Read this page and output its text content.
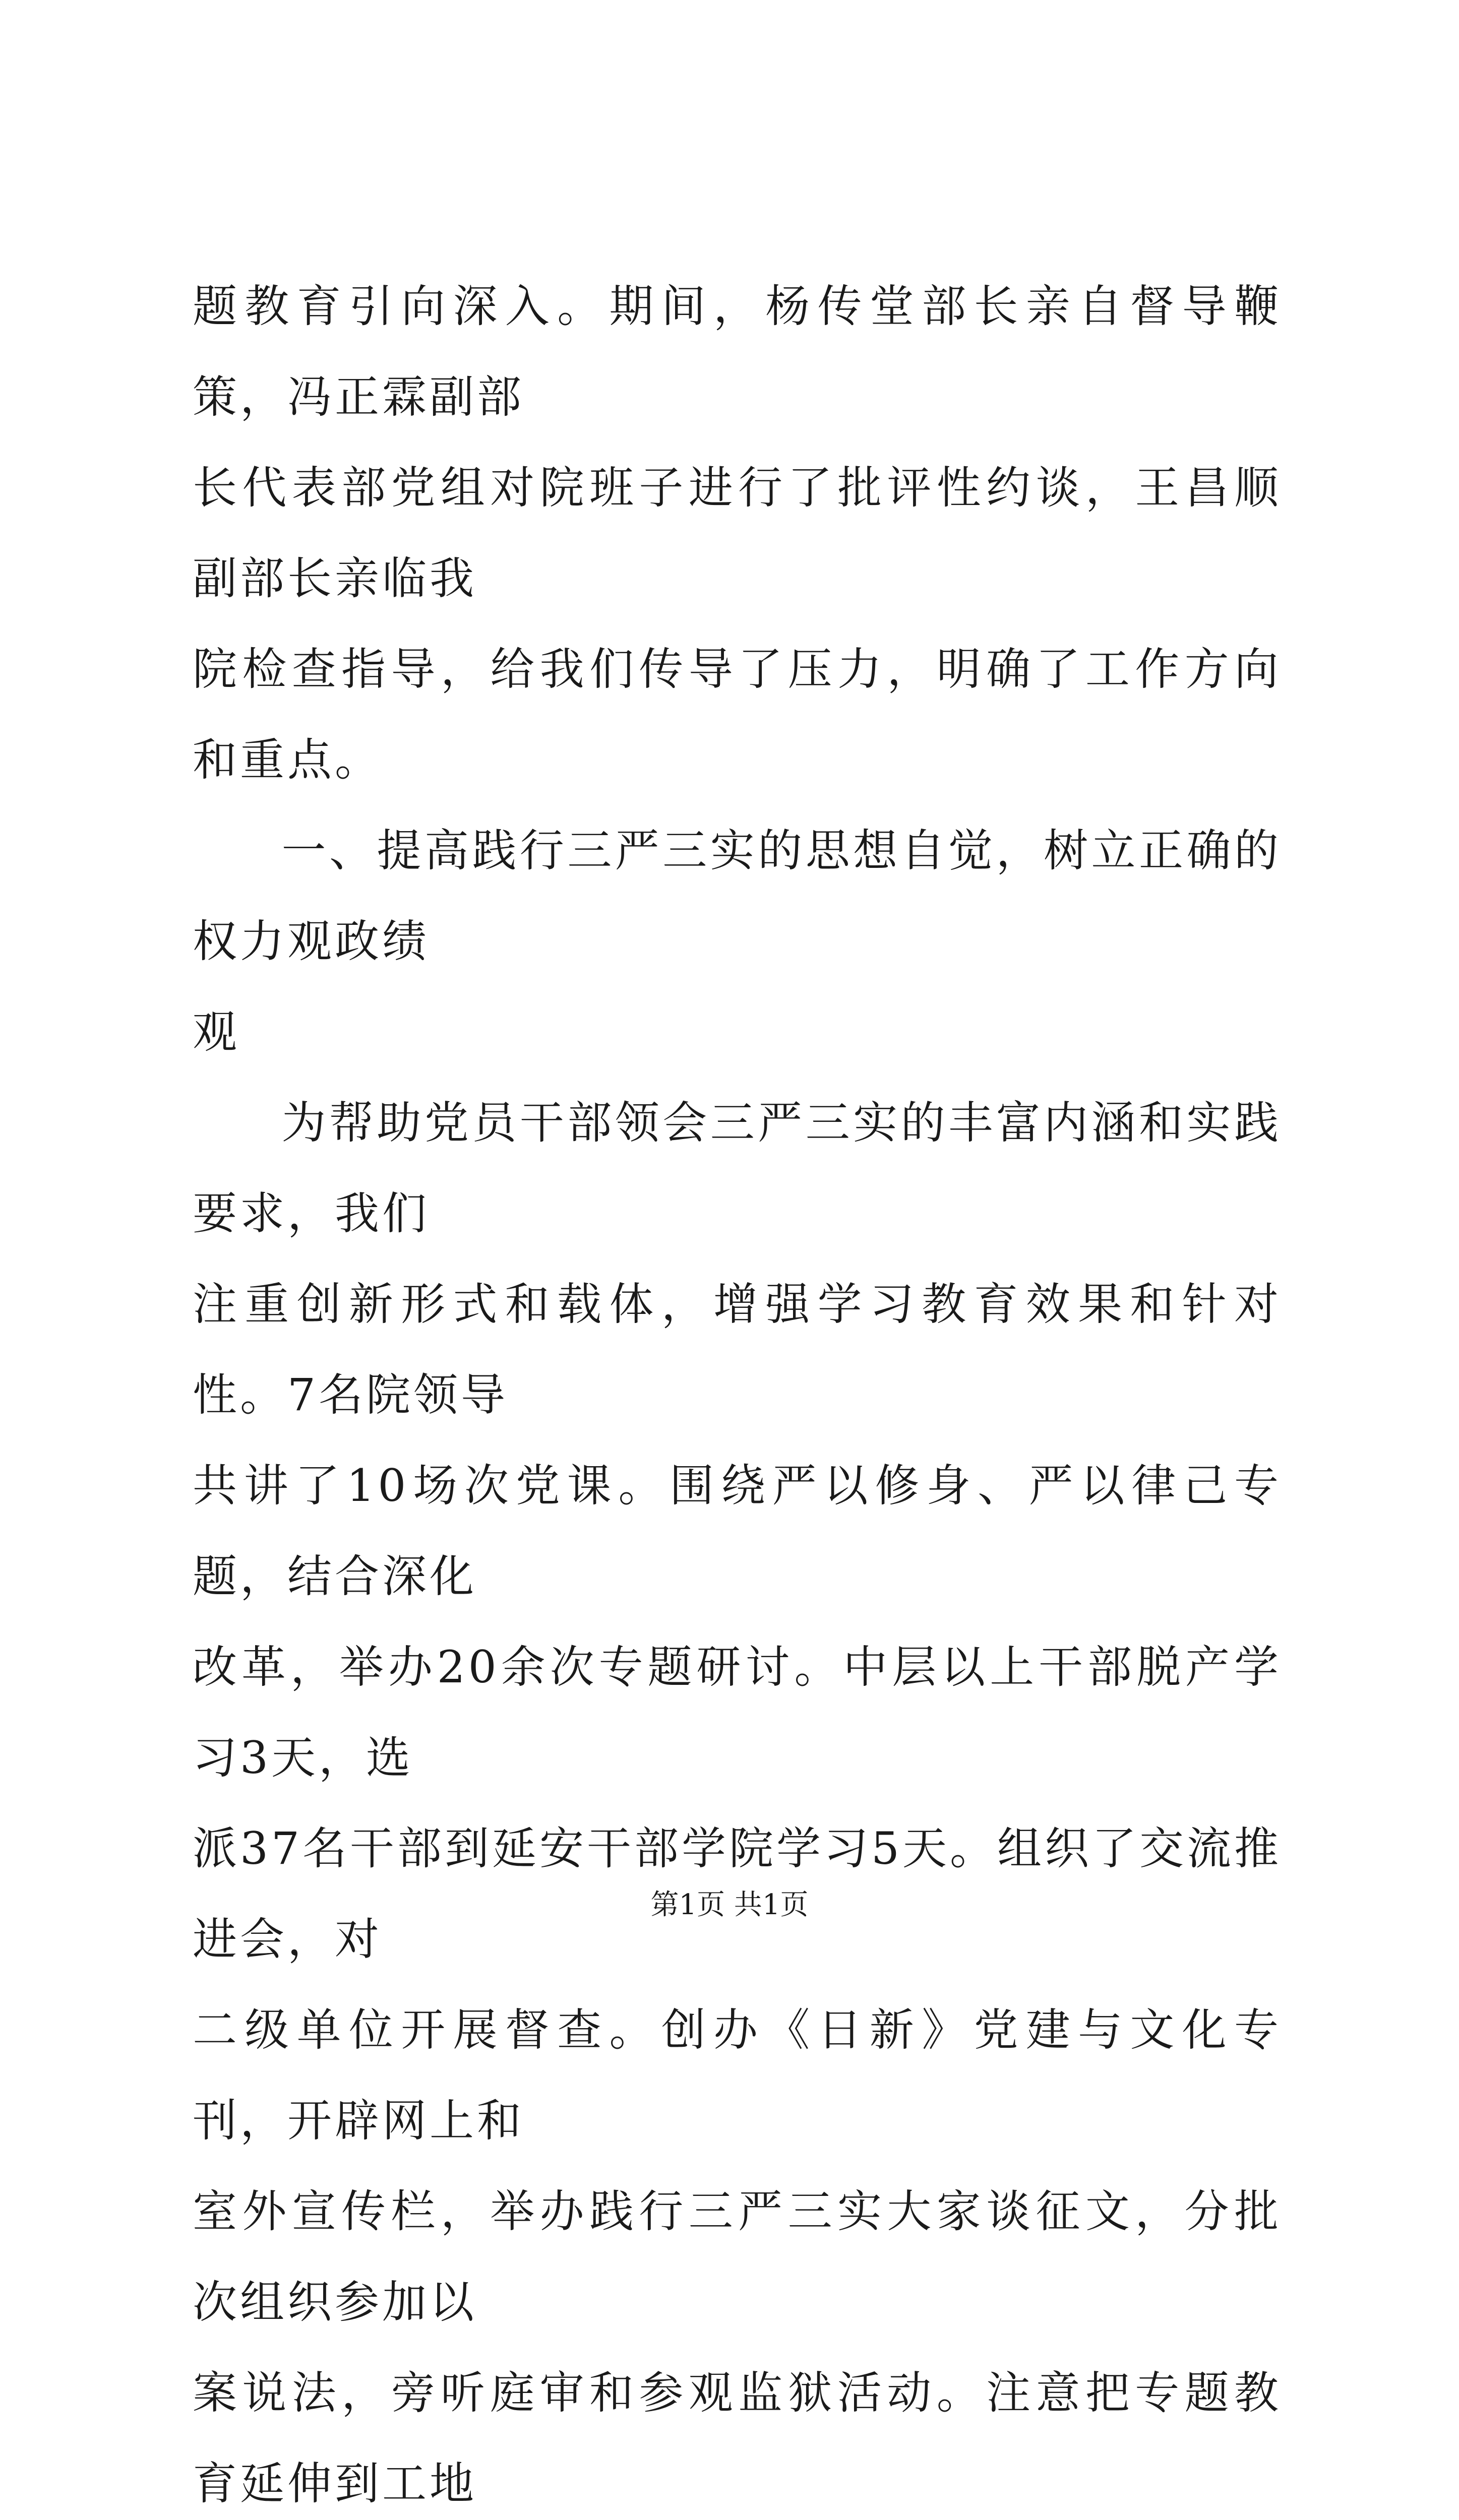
题教育引向深入。期间，杨传堂部长亲自督导鞭策，冯正霖副部
长代表部党组对院班子进行了批评性约谈，王昌顺副部长亲临我
院检查指导，给我们传导了压力，明确了工作方向和重点。

一、提高践行三严三实的思想自觉，树立正确的权力观政绩
观

为帮助党员干部领会三严三实的丰富内涵和实践要求，我们
注重创新形式和载体，增强学习教育效果和针对性。7名院领导
共讲了10场次党课。围绕严以修身、严以律己专题，结合深化
改革，举办20余次专题研讨。中层以上干部脱产学习3天，选
派37名干部到延安干部学院学习5天。组织了交流推进会，对
二级单位开展督查。创办《日新》党建与文化专刊，开辟网上和
室外宣传栏，举办践行三严三实大家谈征文，分批次组织参加以
案说法，旁听庭审和参观监狱活动。注意把专题教育延伸到工地

第1页 共1页
